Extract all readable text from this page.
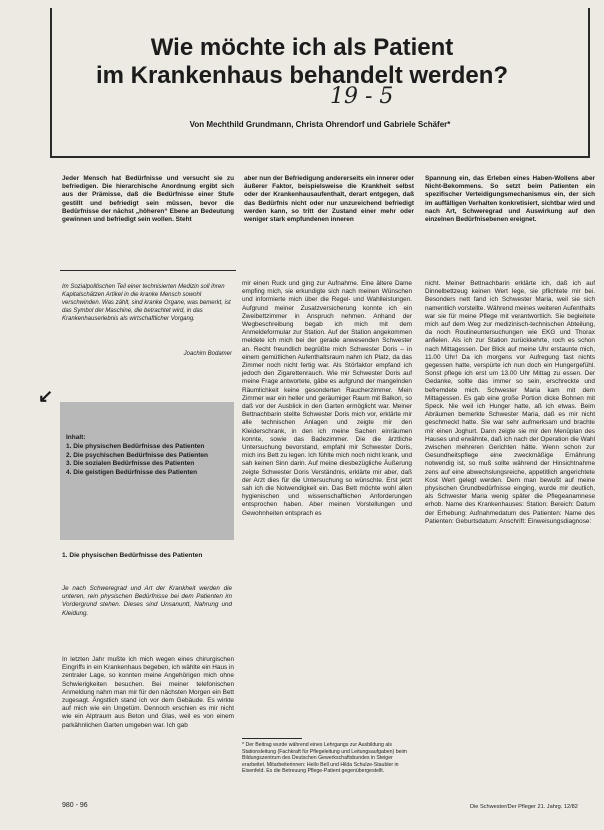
Wie möchte ich als Patient
im Krankenhaus behandelt werden?
19 - 5
Von Mechthild Grundmann, Christa Ohrendorf und Gabriele Schäfer*
Jeder Mensch hat Bedürfnisse und versucht sie zu befriedigen. Die hierarchische Anordnung ergibt sich aus der Prämisse, daß die Bedürfnisse einer Stufe gestillt und befriedigt sein müssen, bevor die Bedürfnisse der nächst „höheren“ Ebene an Bedeutung gewinnen und befriedigt sein wollen. Steht
aber nun der Befriedigung andererseits ein innerer oder äußerer Faktor, beispielsweise die Krankheit selbst oder der Krankenhausaufenthalt, derart entgegen, daß das Bedürfnis nicht oder nur unzureichend befriedigt werden kann, so tritt der Zustand einer mehr oder weniger stark empfundenen inneren
Spannung ein, das Erleben eines Haben-Wollens aber Nicht-Bekommens. So setzt beim Patienten ein spezifischer Verteidigungsmechanismus ein, der sich im auffälligen Verhalten konkretisiert, sichtbar wird und nach Art, Schweregrad und Auswirkung auf den einzelnen Bedürfnisebenen ereignet.
Im Sozialpolitischen Teil einer technisierten Medizin soll ihren Kapitalschätzen Artikel in die kranke Mensch sowohl verschwinden. Was zählt, sind kranke Organe, was bemerkt, ist das Symbol der Maschine, die betrachtet wird, in das Krankenhauserlebnis als wirtschaftlicher Vorgang.
Joachim Bodamer
↙
Inhalt:
1. Die physischen Bedürfnisse des Patienten
2. Die psychischen Bedürfnisse des Patienten
3. Die sozialen Bedürfnisse des Patienten
4. Die geistigen Bedürfnisse des Patienten
1. Die physischen Bedürfnisse des Patienten
Je nach Schweregrad und Art der Krankheit werden die unteren, rein physischen Bedürfnisse bei dem Patienten im Vordergrund stehen. Dieses sind Unsanuntt, Nahrung und Kleidung.
In letzten Jahr mußte ich mich wegen eines chirurgischen Eingriffs in ein Krankenhaus begeben, ich wählte ein Haus in zentraler Lage, so konnten meine Angehörigen mich ohne Schwierigkeiten besuchen. Bei meiner telefonischen Anmeldung nahm man mir für den nächsten Morgen ein Bett zugesagt. Ängstlich stand ich vor dem Gebäude. Es wirkte auf mich wie ein Ungetüm. Dennoch erschien es mir nicht wie ein Alptraum aus Beton und Glas, weil es von einem parkähnlichen Garten umgeben war. Ich gab
mir einen Ruck und ging zur Aufnahme. Eine ältere Dame empfing mich, sie erkundigte sich nach meinen Wünschen und informierte mich über die Regel- und Wahlleistungen. Aufgrund meiner Zusatzversicherung konnte ich ein Zweibettzimmer in Anspruch nehmen. Anhand der Wegbeschreibung begab ich mich mit dem Anmeldeformular zur Station. Auf der Station angekommen meldete ich mich bei der gerade anwesenden Schwester an. Recht freundlich begrüßte mich Schwester Doris – in einem gemütlichen Aufenthaltsraum nahm ich Platz, da das Zimmer noch nicht fertig war. Als Störfaktor empfand ich jedoch den Zigarettenrauch. Wie mir Schwester Doris auf meine Frage antwortete, gäbe es aufgrund der mangelnden Räumlichkeit keine gesonderten Raucherzimmer. Mein Zimmer war ein heller und geräumiger Raum mit Balkon, so daß vor der Ausblick in den Garten ermöglicht war. Meiner Bettnachbarin stellte Schwester Doris mich vor, erklärte mir alle technischen Anlagen und zeigte mir den Kleiderschrank, in den ich meine Sachen einräumen konnte, sowie das Badezimmer. Die die ärztliche Untersuchung bevorstand, empfahl mir Schwester Doris, mich ins Bett zu legen. Ich fühlte mich noch nicht krank, und sah keinen Sinn darin. Auf meine diesbezügliche Äußerung zeigte Schwester Doris Verständnis, erklärte mir aber, daß der Arzt dies für die Untersuchung so wünschte. Erst jetzt sah ich die Notwendigkeit ein. Das Bett möchte wohl allen hygienischen und wissenschaftlichen Anforderungen entsprochen haben. Aber meinen Vorstellungen und Gewohnheiten entsprach es
nicht. Meiner Bettnachbarin erklärte ich, daß ich auf Dinnelbettzeug keinen Wert lege, sie pflichtete mir bei. Besonders nett fand ich Schwester Maria, weil sie sich namentlich vorstellte. Während meines weiteren Aufenthalts war sie für meine Pflege mit verantwortlich. Sie begleitete mich auf dem Weg zur medizinisch-technischen Abteilung, da noch Routineuntersuchungen wie EKG und Thorax anfielen. Als ich zur Station zurückkehrte, roch es schon nach Mittagessen. Der Blick auf meine Uhr erstaunte mich, 11.00 Uhr! Da ich morgens vor Aufregung fast nichts gegessen hatte, verspürte ich nun doch ein Hungergefühl. Sonst pflege ich erst um 13.00 Uhr Mittag zu essen. Der Gedanke, sollte das immer so sein, erschreckte und befremdete mich. Schwester Maria kam mit dem Mittagessen. Es gab eine große Portion dicke Bohnen mit Speck. Nie weil ich Hunger hatte, aß ich etwas. Beim Abräumen bemerkte Schwester Maria, daß es mir nicht geschmeckt hatte. Sie war sehr aufmerksam und brachte mir einen Joghurt. Dann zeigte sie mir den Menüplan des Hauses und erwähnte, daß ich nach der Operation die Wahl zwischen mehreren Gerichten hätte. Wenn schon zur Gesundheitspflege eine zweckmäßige Ernährung notwendig ist, so muß sollte während der Hinsichtnahme zens auf eine abwechslungsreiche, appetitlich angerichtete Kost Wert gelegt werden. Dem man bewußt auf meine physischen Grundbedürfnisse einging, wurde mir deutlich, als Schwester Maria wenig später die Pflegeanamnese erhob. Name des Krankenhauses: Station: Bereich: Datum der Erhebung: Aufnahmedatum des Patienten: Name des Patienten: Geburtsdatum: Anschrift: Einweisungsdiagnose:
* Der Beitrag wurde während eines Lehrgangs zur Ausbildung als Stationsleitung (Fachkraft für Pflegeleitung und Leitungsaufgaben) beim Bildungszentrum des Deutschen Gewerkschaftsbundes in Steiger erarbeitet. Mitarbeiterinnen: Hello Bell und Hilda Schulze-Staubler in Eisenfeld. Es die Betreuung Pflege-Patient gegenübergestellt.
980 - 96	Die Schwester/Der Pfleger 21. Jahrg. 12/82
